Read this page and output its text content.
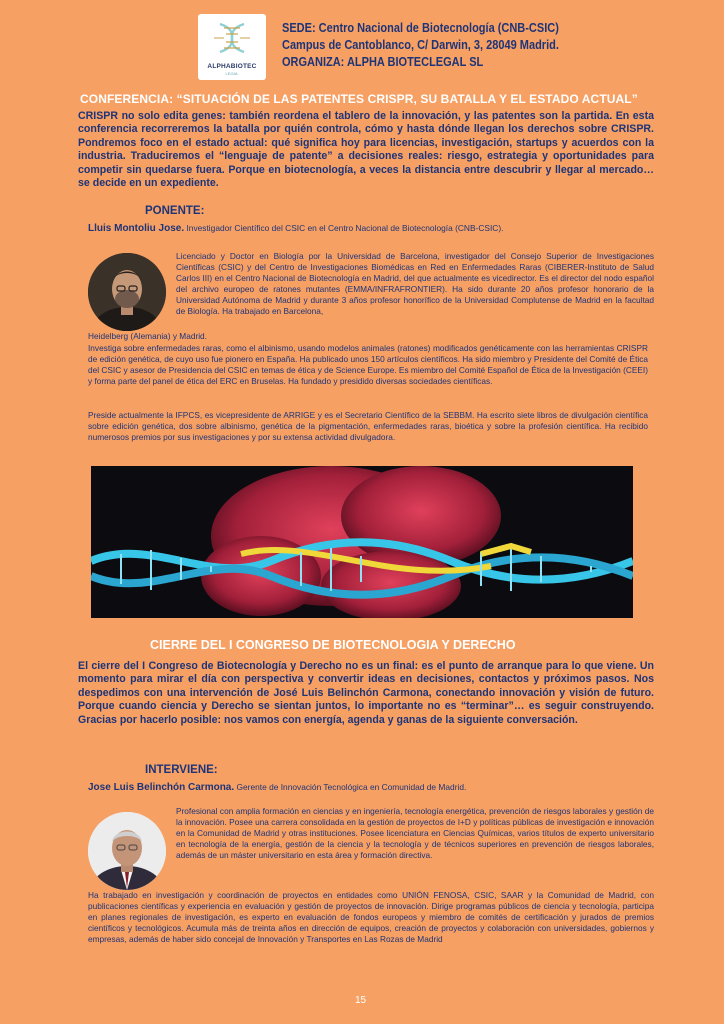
ALPHABIOTEC
LEGAL
SEDE: Centro Nacional de Biotecnología (CNB-CSIC)
Campus de Cantoblanco, C/ Darwin, 3, 28049 Madrid.
ORGANIZA: ALPHA BIOTECLEGAL SL
CONFERENCIA: “SITUACIÓN DE LAS PATENTES CRISPR, SU BATALLA Y EL ESTADO ACTUAL”

CRISPR no solo edita genes: también reordena el tablero de la innovación, y las patentes son la partida. En esta conferencia recorreremos la batalla por quién controla, cómo y hasta dónde llegan los derechos sobre CRISPR. Pondremos foco en el estado actual: qué significa hoy para licencias, investigación, startups y acuerdos con la industria. Traduciremos el “lenguaje de patente” a decisiones reales: riesgo, estrategia y oportunidades para competir sin quedarse fuera. Porque en biotecnología, a veces la distancia entre descubrir y llegar al mercado… se decide en un expediente.

PONENTE:
Lluis Montoliu Jose. Investigador Científico del CSIC en el Centro Nacional de Biotecnología (CNB-CSIC).

Licenciado y Doctor en Biología por la Universidad de Barcelona, investigador del Consejo Superior de Investigaciones Científicas (CSIC) y del Centro de Investigaciones Biomédicas en Red en Enfermedades Raras (CIBERER-Instituto de Salud Carlos III) en el Centro Nacional de Biotecnología en Madrid, del que actualmente es vicedirector. Es el director del nodo español del archivo europeo de ratones mutantes (EMMA/INFRAFRONTIER). Ha sido durante 20 años profesor honorario de la Universidad Autónoma de Madrid y durante 3 años profesor honorífico de la Universidad Complutense de Madrid en la facultad de Biología. Ha trabajado en Barcelona,

Heidelberg (Alemania) y Madrid.

Investiga sobre enfermedades raras, como el albinismo, usando modelos animales (ratones) modificados genéticamente con las herramientas CRISPR de edición genética, de cuyo uso fue pionero en España. Ha publicado unos 150 artículos científicos. Ha sido miembro y Presidente del Comité de Ética del CSIC y asesor de Presidencia del CSIC en temas de ética y de Science Europe. Es miembro del Comité Español de Ética de la Investigación (CEEI) y forma parte del panel de ética del ERC en Bruselas. Ha fundado y presidido diversas sociedades científicas.

Preside actualmente la IFPCS, es vicepresidente de ARRIGE y es el Secretario Científico de la SEBBM. Ha escrito siete libros de divulgación científica sobre edición genética, dos sobre albinismo, genética de la pigmentación, enfermedades raras, bioética y sobre la profesión científica. Ha recibido numerosos premios por sus investigaciones y por su extensa actividad divulgadora.

CIERRE DEL I CONGRESO DE BIOTECNOLOGIA Y DERECHO

El cierre del I Congreso de Biotecnología y Derecho no es un final: es el punto de arranque para lo que viene. Un momento para mirar el día con perspectiva y convertir ideas en decisiones, contactos y próximos pasos. Nos despedimos con una intervención de José Luis Belinchón Carmona, conectando innovación y visión de futuro. Porque cuando ciencia y Derecho se sientan juntos, lo importante no es “terminar”… es seguir construyendo. Gracias por hacerlo posible: nos vamos con energía, agenda y ganas de la siguiente conversación.

INTERVIENE:
Jose Luis Belinchón Carmona. Gerente de Innovación Tecnológica en Comunidad de Madrid.

Profesional con amplia formación en ciencias y en ingeniería, tecnología energética, prevención de riesgos laborales y gestión de la innovación. Posee una carrera consolidada en la gestión de proyectos de I+D y políticas públicas de investigación e innovación en la Comunidad de Madrid y otras instituciones. Posee licenciatura en Ciencias Químicas, varios títulos de experto universitario en tecnología de la energía, gestión de la ciencia y la tecnología y de técnicos superiores en prevención de riesgos laborales, además de un máster universitario en esta área y formación directiva.

Ha trabajado en investigación y coordinación de proyectos en entidades como UNIÓN FENOSA, CSIC, SAAR y la Comunidad de Madrid, con publicaciones científicas y experiencia en evaluación y gestión de proyectos de innovación. Dirige programas públicos de ciencia y tecnología, participa en planes regionales de investigación, es experto en evaluación de fondos europeos y miembro de comités de certificación y jurados de premios científicos y tecnológicos. Acumula más de treinta años en dirección de equipos, creación de proyectos y colaboración con universidades, gobiernos y empresas, además de haber sido concejal de Innovación y Transportes en Las Rozas de Madrid

15
